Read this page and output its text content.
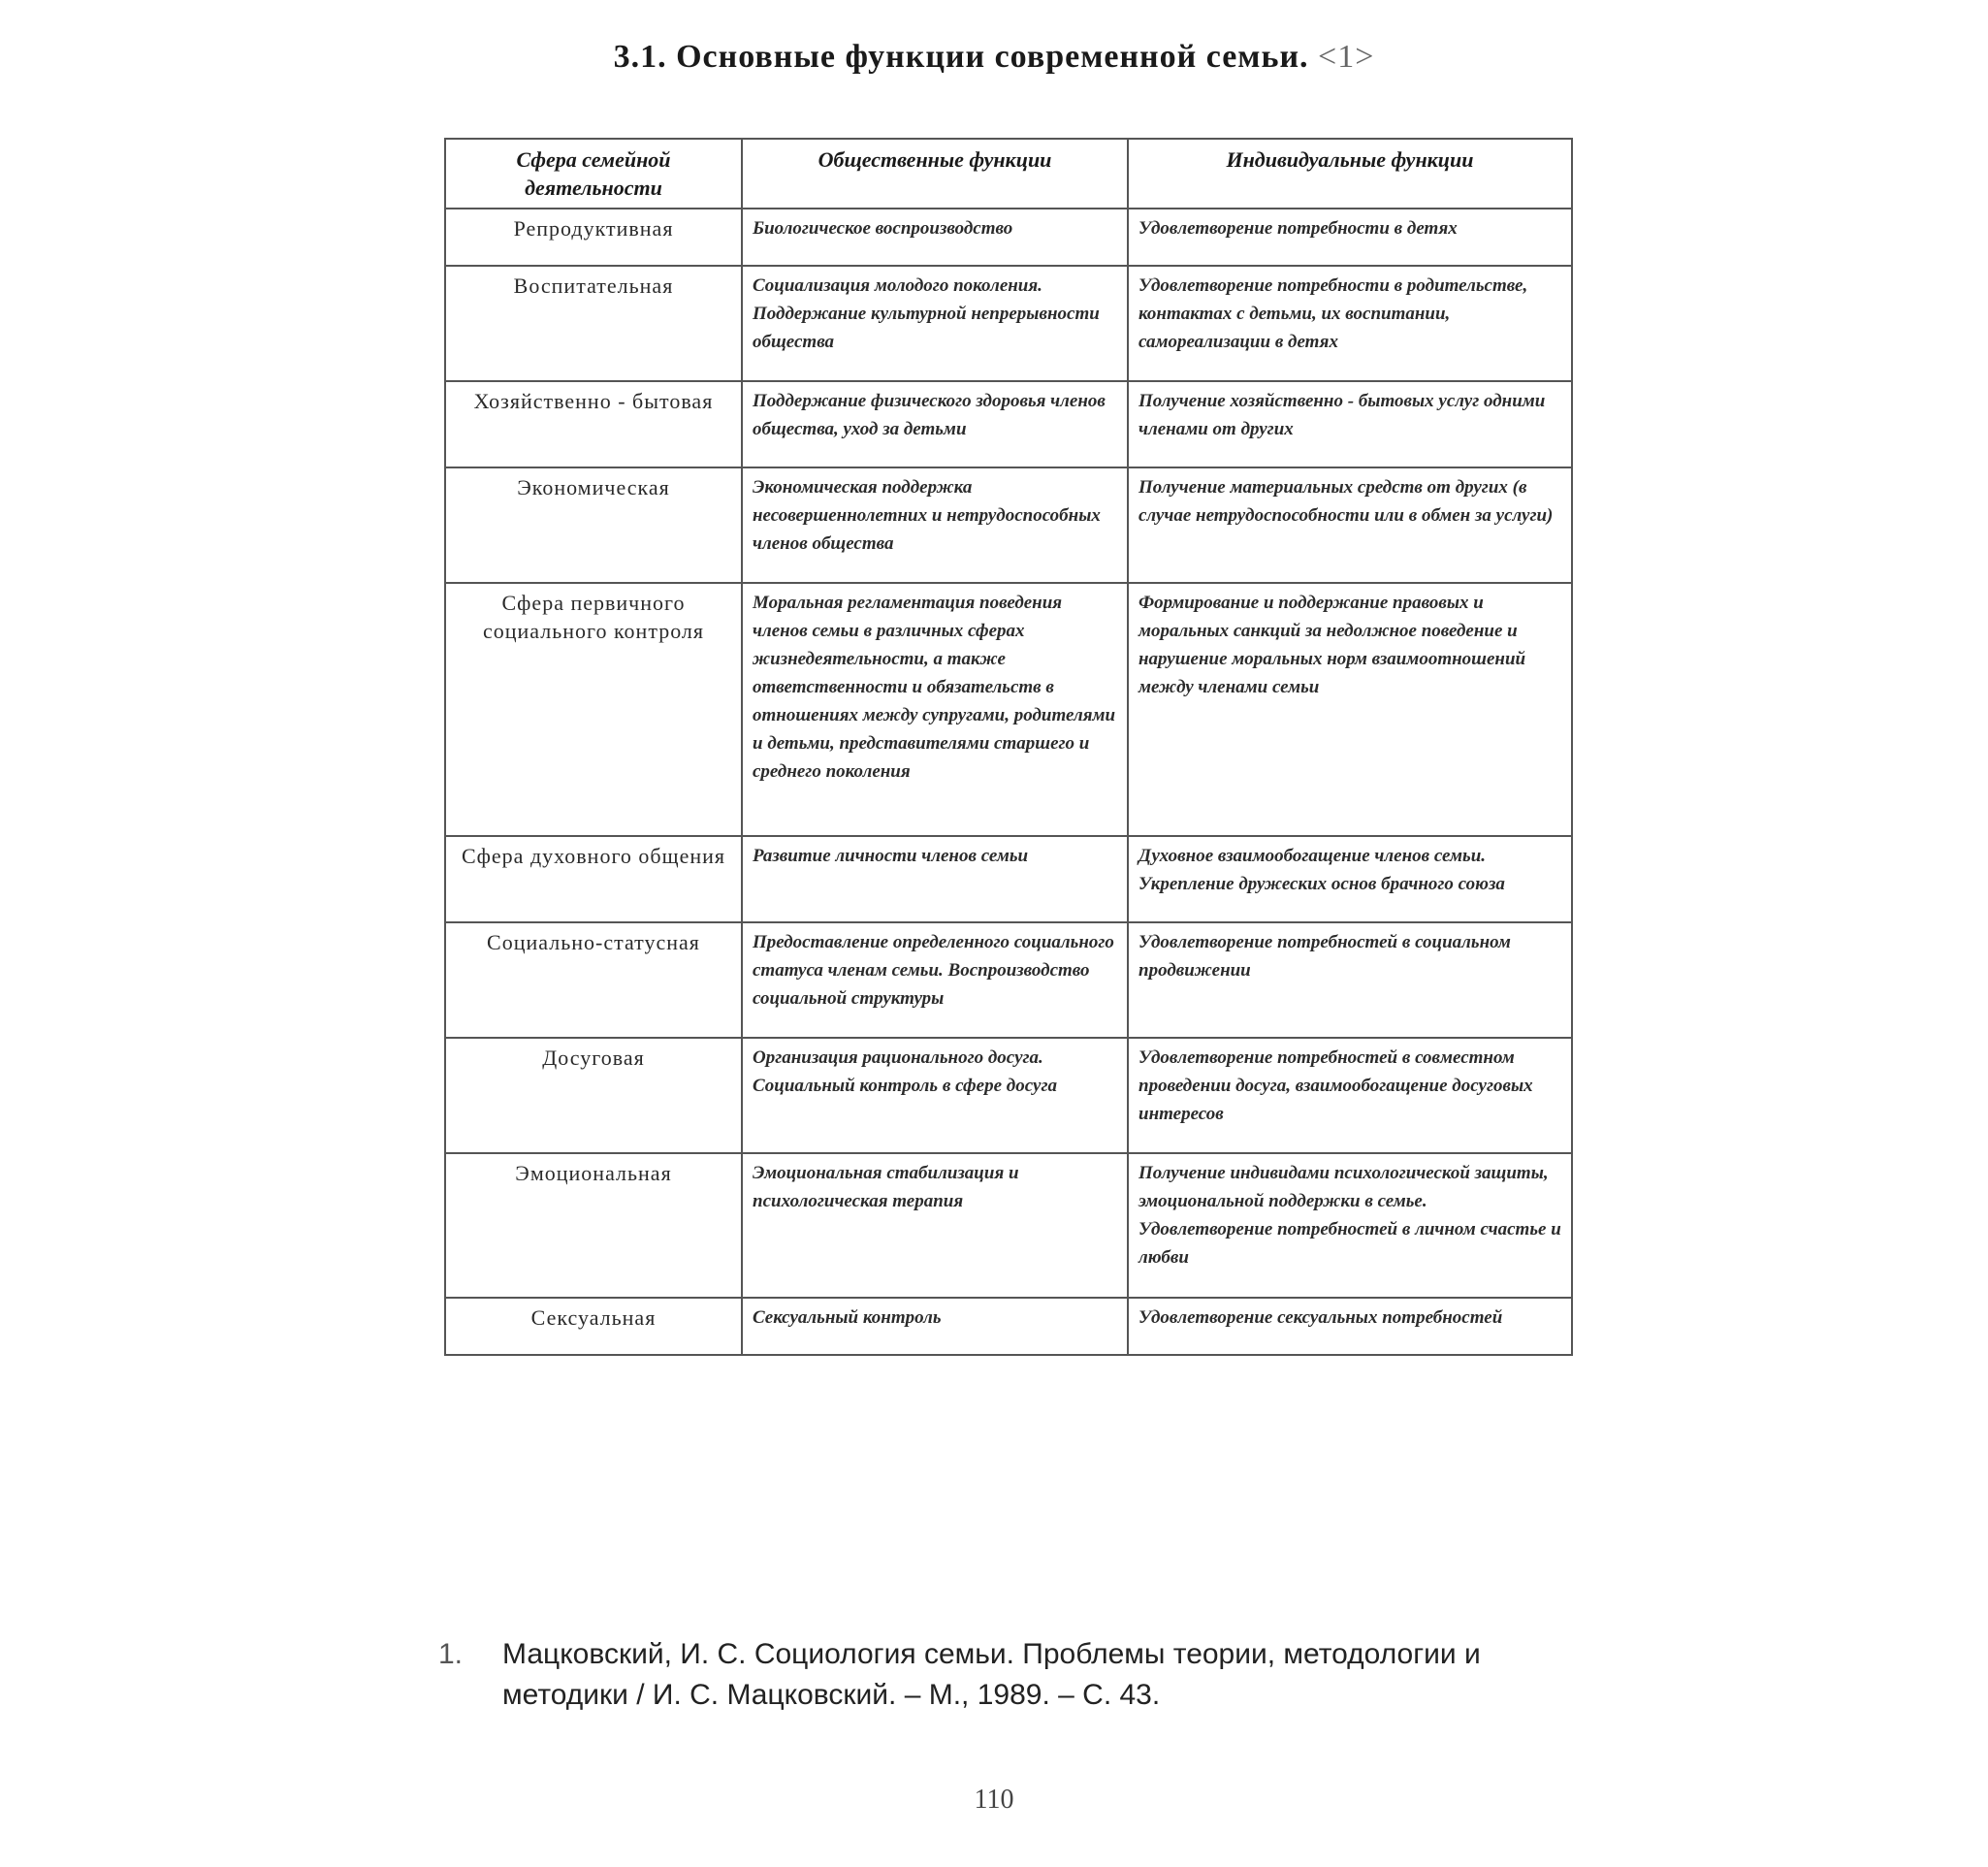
3.1. Основные функции современной семьи. <1>
Сфера семейной деятельности	Общественные функции	Индивидуальные функции
Репродуктивная	Биологическое воспроизводство	Удовлетворение потребности в детях
Воспитательная	Социализация молодого поколения. Поддержание культурной непрерывности общества	Удовлетворение потребности в родительстве, контактах с детьми, их воспитании, самореализации в детях
Хозяйственно - бытовая	Поддержание физического здоровья членов общества, уход за детьми	Получение хозяйственно - бытовых услуг одними членами от других
Экономическая	Экономическая поддержка несовершеннолетних и нетрудоспособных членов общества	Получение материальных средств от других (в случае нетрудоспособности или в обмен за услуги)
Сфера первичного социального контроля	Моральная регламентация поведения членов семьи в различных сферах жизнедеятельности, а также ответственности и обязательств в отношениях между супругами, родителями и детьми, представителями старшего и среднего поколения	Формирование и поддержание правовых и моральных санкций за недолжное поведение и нарушение моральных норм взаимоотношений между членами семьи
Сфера духовного общения	Развитие личности членов семьи	Духовное взаимообогащение членов семьи. Укрепление дружеских основ брачного союза
Социально-статусная	Предоставление определенного социального статуса членам семьи. Воспроизводство социальной структуры	Удовлетворение потребностей в социальном продвижении
Досуговая	Организация рационального досуга. Социальный контроль в сфере досуга	Удовлетворение потребностей в совместном проведении досуга, взаимообогащение досуговых интересов
Эмоциональная	Эмоциональная стабилизация и психологическая терапия	Получение индивидами психологической защиты, эмоциональной поддержки в семье. Удовлетворение потребностей в личном счастье и любви
Сексуальная	Сексуальный контроль	Удовлетворение сексуальных потребностей
1.	Мацковский, И. С. Социология семьи. Проблемы теории, методологии и методики / И. С. Мацковский. – М., 1989. – С. 43.
110
